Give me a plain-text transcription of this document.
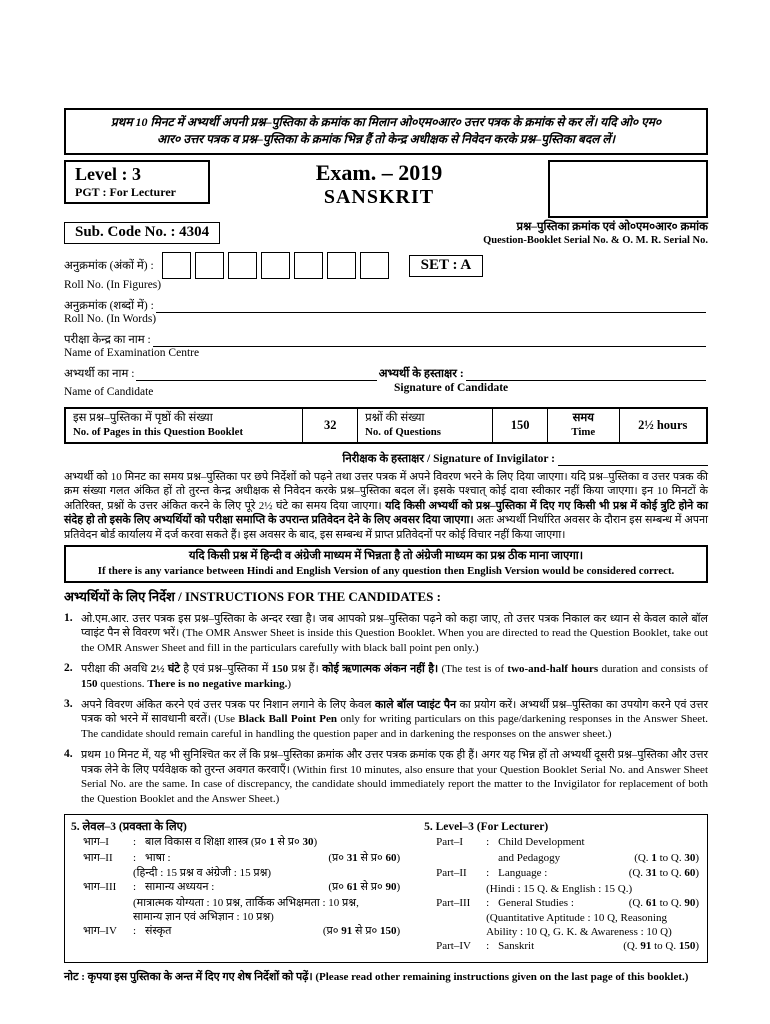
प्रथम 10 मिनट में अभ्यर्थी अपनी प्रश्न–पुस्तिका के क्रमांक का मिलान ओ०एम०आर० उत्तर पत्रक के क्रमांक से कर लें। यदि ओ० एम०
आर० उत्तर पत्रक व प्रश्न–पुस्तिका के क्रमांक भिन्न हैं तो केन्द्र अधीक्षक से निवेदन करके प्रश्न–पुस्तिका बदल लें।
Level : 3
PGT : For Lecturer
Exam. – 2019
SANSKRIT
Sub. Code No. : 4304	प्रश्न–पुस्तिका क्रमांक एवं ओ०एम०आर० क्रमांक
Question-Booklet Serial No. & O. M. R. Serial No.
अनुक्रमांक (अंकों में) :	SET : A
Roll No. (In Figures)
अनुक्रमांक (शब्दों में) :
Roll No. (In Words)
परीक्षा केन्द्र का नाम :
Name of Examination Centre
अभ्यर्थी का नाम :	अभ्यर्थी के हस्ताक्षर :
Name of Candidate	Signature of Candidate
इस प्रश्न–पुस्तिका में पृष्ठों की संख्या
No. of Pages in this Question Booklet	32	प्रश्नों की संख्या
No. of Questions	150	समय
Time	2½ hours
निरीक्षक के हस्ताक्षर / Signature of Invigilator :
अभ्यर्थी को 10 मिनट का समय प्रश्न–पुस्तिका पर छपे निर्देशों को पढ़ने तथा उत्तर पत्रक में अपने विवरण भरने के लिए दिया जाएगा। यदि प्रश्न–पुस्तिका व उत्तर पत्रक की क्रम संख्या गलत अंकित हों तो तुरन्त केन्द्र अधीक्षक से निवेदन करके प्रश्न–पुस्तिका बदल लें। इसके पश्चात् कोई दावा स्वीकार नहीं किया जाएगा। इन 10 मिनटों के अतिरिक्त, प्रश्नों के उत्तर अंकित करने के लिए पूरे 2½ घंटे का समय दिया जाएगा। यदि किसी अभ्यर्थी को प्रश्न–पुस्तिका में दिए गए किसी भी प्रश्न में कोई त्रुटि होने का संदेह हो तो इसके लिए अभ्यर्थियों को परीक्षा समाप्ति के उपरान्त प्रतिवेदन देने के लिए अवसर दिया जाएगा। अतः अभ्यर्थी निर्धारित अवसर के दौरान इस सम्बन्ध में अपना प्रतिवेदन बोर्ड कार्यालय में दर्ज करवा सकते हैं। इस अवसर के बाद, इस सम्बन्ध में प्राप्त प्रतिवेदनों पर कोई विचार नहीं किया जाएगा।
यदि किसी प्रश्न में हिन्दी व अंग्रेजी माध्यम में भिन्नता है तो अंग्रेजी माध्यम का प्रश्न ठीक माना जाएगा।
If there is any variance between Hindi and English Version of any question then English Version would be considered correct.
अभ्यर्थियों के लिए निर्देश / INSTRUCTIONS FOR THE CANDIDATES :
1. ओ.एम.आर. उत्तर पत्रक इस प्रश्न–पुस्तिका के अन्दर रखा है। जब आपको प्रश्न–पुस्तिका पढ़ने को कहा जाए, तो उत्तर पत्रक निकाल कर ध्यान से केवल काले बॉल प्वाइंट पैन से विवरण भरें। (The OMR Answer Sheet is inside this Question Booklet. When you are directed to read the Question Booklet, take out the OMR Answer Sheet and fill in the particulars carefully with black ball point pen only.)
2. परीक्षा की अवधि 2½ घंटे है एवं प्रश्न–पुस्तिका में 150 प्रश्न हैं। कोई ऋणात्मक अंकन नहीं है। (The test is of two-and-half hours duration and consists of 150 questions. There is no negative marking.)
3. अपने विवरण अंकित करने एवं उत्तर पत्रक पर निशान लगाने के लिए केवल काले बॉल प्वाइंट पैन का प्रयोग करें। अभ्यर्थी प्रश्न–पुस्तिका का उपयोग करने एवं उत्तर पत्रक को भरने में सावधानी बरतें। (Use Black Ball Point Pen only for writing particulars on this page/darkening responses in the Answer Sheet. The candidate should remain careful in handling the question paper and in darkening the responses on the answer sheet.)
4. प्रथम 10 मिनट में, यह भी सुनिश्चित कर लें कि प्रश्न–पुस्तिका क्रमांक और उत्तर पत्रक क्रमांक एक ही हैं। अगर यह भिन्न हों तो अभ्यर्थी दूसरी प्रश्न–पुस्तिका और उत्तर पत्रक लेने के लिए पर्यवेक्षक को तुरन्त अवगत करवाएँ। (Within first 10 minutes, also ensure that your Question Booklet Serial No. and Answer Sheet Serial No. are the same. In case of discrepancy, the candidate should immediately report the matter to the Invigilator for replacement of both the Question Booklet and the Answer Sheet.)
5. लेवल–3 (प्रवक्ता के लिए)
भाग–I	: बाल विकास व शिक्षा शास्त्र (प्र० 1 से प्र० 30)
भाग–II	: भाषा :	(प्र० 31 से प्र० 60)
(हिन्दी : 15 प्रश्न व अंग्रेजी : 15 प्रश्न)
भाग–III	: सामान्य अध्ययन :	(प्र० 61 से प्र० 90)
(मात्रात्मक योग्यता : 10 प्रश्न, तार्किक अभिक्षमता : 10 प्रश्न,
सामान्य ज्ञान एवं अभिज्ञान : 10 प्रश्न)
भाग–IV	: संस्कृत	(प्र० 91 से प्र० 150)
5. Level–3 (For Lecturer)
Part–I	: Child Development
and Pedagogy	(Q. 1 to Q. 30)
Part–II	: Language :	(Q. 31 to Q. 60)
(Hindi : 15 Q. & English : 15 Q.)
Part–III	: General Studies :	(Q. 61 to Q. 90)
(Quantitative Aptitude : 10 Q, Reasoning
Ability : 10 Q, G. K. & Awareness : 10 Q)
Part–IV	: Sanskrit	(Q. 91 to Q. 150)
नोट : कृपया इस पुस्तिका के अन्त में दिए गए शेष निर्देशों को पढ़ें। (Please read other remaining instructions given on the last page of this booklet.)
